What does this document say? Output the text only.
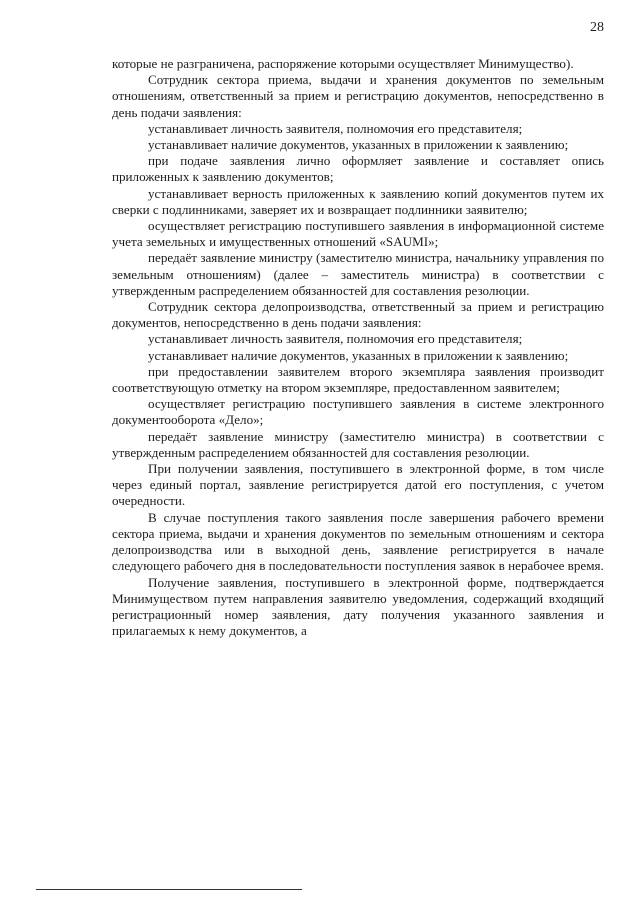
28

которые не разграничена, распоряжение которыми осуществляет Минимущество).

Сотрудник сектора приема, выдачи и хранения документов по земельным отношениям, ответственный за прием и регистрацию документов, непосредственно в день подачи заявления:

устанавливает личность заявителя, полномочия его представителя;

устанавливает наличие документов, указанных в приложении к заявлению;

при подаче заявления лично оформляет заявление и составляет опись приложенных к заявлению документов;

устанавливает верность приложенных к заявлению копий документов путем их сверки с подлинниками, заверяет их и возвращает подлинники заявителю;

осуществляет регистрацию поступившего заявления в информационной системе учета земельных и имущественных отношений «SAUMI»;

передаёт заявление министру (заместителю министра, начальнику управления по земельным отношениям) (далее – заместитель министра) в соответствии с утвержденным распределением обязанностей для составления резолюции.

Сотрудник сектора делопроизводства, ответственный за прием и регистрацию документов, непосредственно в день подачи заявления:

устанавливает личность заявителя, полномочия его представителя;

устанавливает наличие документов, указанных в приложении к заявлению;

при предоставлении заявителем второго экземпляра заявления производит соответствующую отметку на втором экземпляре, предоставленном заявителем;

осуществляет регистрацию поступившего заявления в системе электронного документооборота «Дело»;

передаёт заявление министру (заместителю министра) в соответствии с утвержденным распределением обязанностей для составления резолюции.

При получении заявления, поступившего в электронной форме, в том числе через единый портал, заявление регистрируется датой его поступления, с учетом очередности.

В случае поступления такого заявления после завершения рабочего времени сектора приема, выдачи и хранения документов по земельным отношениям и сектора делопроизводства или в выходной день, заявление регистрируется в начале следующего рабочего дня в последовательности поступления заявок в нерабочее время.

Получение заявления, поступившего в электронной форме, подтверждается Минимуществом путем направления заявителю уведомления, содержащий входящий регистрационный номер заявления, дату получения указанного заявления и прилагаемых к нему документов, а
